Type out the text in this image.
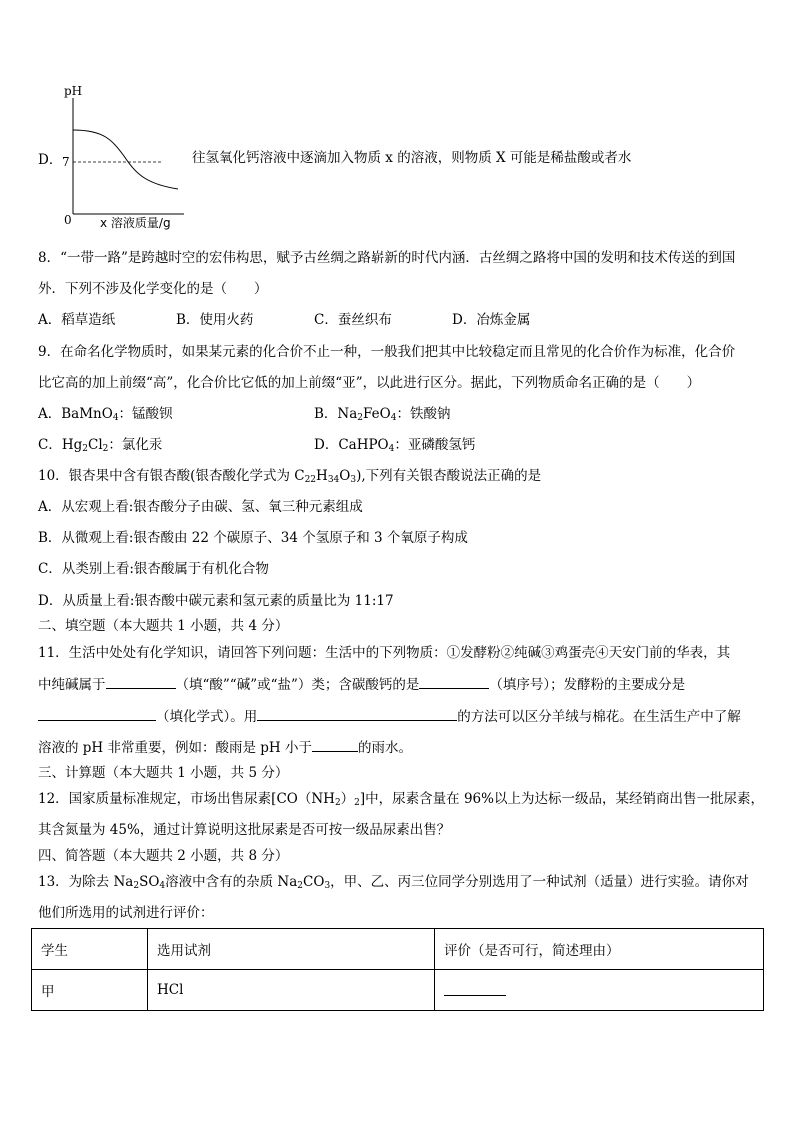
pH
7
0 x 溶液质量/g
D．	往氢氧化钙溶液中逐滴加入物质 x 的溶液，则物质 X 可能是稀盐酸或者水
8．“一带一路”是跨越时空的宏伟构思，赋予古丝绸之路崭新的时代内涵．古丝绸之路将中国的发明和技术传送的到国
外．下列不涉及化学变化的是（　　）
A．稻草造纸	B．使用火药	C．蚕丝织布	D．冶炼金属
9．在命名化学物质时，如果某元素的化合价不止一种，一般我们把其中比较稳定而且常见的化合价作为标准，化合价
比它高的加上前缀“高”，化合价比它低的加上前缀“亚”，以此进行区分。据此，下列物质命名正确的是（　　）
A．BaMnO$_4$：锰酸钡	B．$Na_2FeO_4$：铁酸钠
C．$Hg_2Cl_2$：氯化汞	D．CaHPO$_4$：亚磷酸氢钙
10．银杏果中含有银杏酸(银杏酸化学式为 $C_{22}H_{34}O_3$),下列有关银杏酸说法正确的是
A．从宏观上看:银杏酸分子由碳、氢、氧三种元素组成
B．从微观上看:银杏酸由 22 个碳原子、34 个氢原子和 3 个氧原子构成
C．从类别上看:银杏酸属于有机化合物
D．从质量上看:银杏酸中碳元素和氢元素的质量比为 11:17
二、填空题（本大题共 1 小题，共 4 分）
11．生活中处处有化学知识，请回答下列问题：生活中的下列物质：①发酵粉②纯碱③鸡蛋壳④天安门前的华表，其
中纯碱属于	（填“酸”“碱”或“盐”）类；含碳酸钙的是	（填序号）；发酵粉的主要成分是
（填化学式）。用	的方法可以区分羊绒与棉花。在生活生产中了解
溶液的 pH 非常重要，例如：酸雨是 pH 小于	的雨水。
三、计算题（本大题共 1 小题，共 5 分）
12．国家质量标准规定，市场出售尿素$[CO(NH_2)_2]$中，尿素含量在 96%以上为达标一级品，某经销商出售一批尿素，
其含氮量为 45%，通过计算说明这批尿素是否可按一级品尿素出售？
四、简答题（本大题共 2 小题，共 8 分）
13．为除去 $Na_2SO_4$溶液中含有的杂质 $Na_2CO_3$，甲、乙、丙三位同学分别选用了一种试剂（适量）进行实验。请你对
他们所选用的试剂进行评价：
学生	选用试剂	评价（是否可行，简述理由）
甲	HCl	
